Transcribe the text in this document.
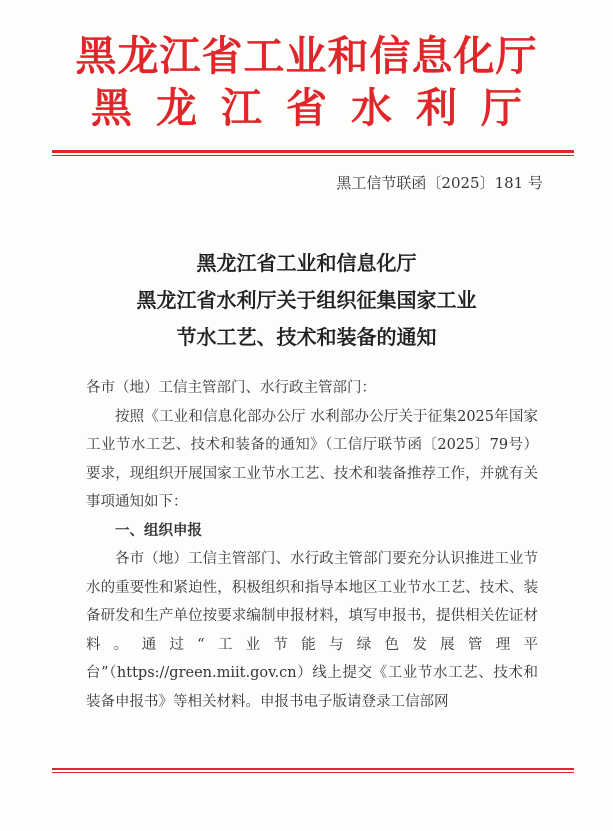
黑龙江省工业和信息化厅
黑龙江省水利厅
黑工信节联函〔2025〕181 号
黑龙江省工业和信息化厅
黑龙江省水利厅关于组织征集国家工业
节水工艺、技术和装备的通知

各市（地）工信主管部门、水行政主管部门：

按照《工业和信息化部办公厅 水利部办公厅关于征集2025年国家工业节水工艺、技术和装备的通知》（工信厅联节函〔2025〕79号）要求，现组织开展国家工业节水工艺、技术和装备推荐工作，并就有关事项通知如下：

一、组织申报

各市（地）工信主管部门、水行政主管部门要充分认识推进工业节水的重要性和紧迫性，积极组织和指导本地区工业节水工艺、技术、装备研发和生产单位按要求编制申报材料，填写申报书，提供相关佐证材料。通过“工业节能与绿色发展管理平台”（https://green.miit.gov.cn）线上提交《工业节水工艺、技术和装备申报书》等相关材料。申报书电子版请登录工信部网
